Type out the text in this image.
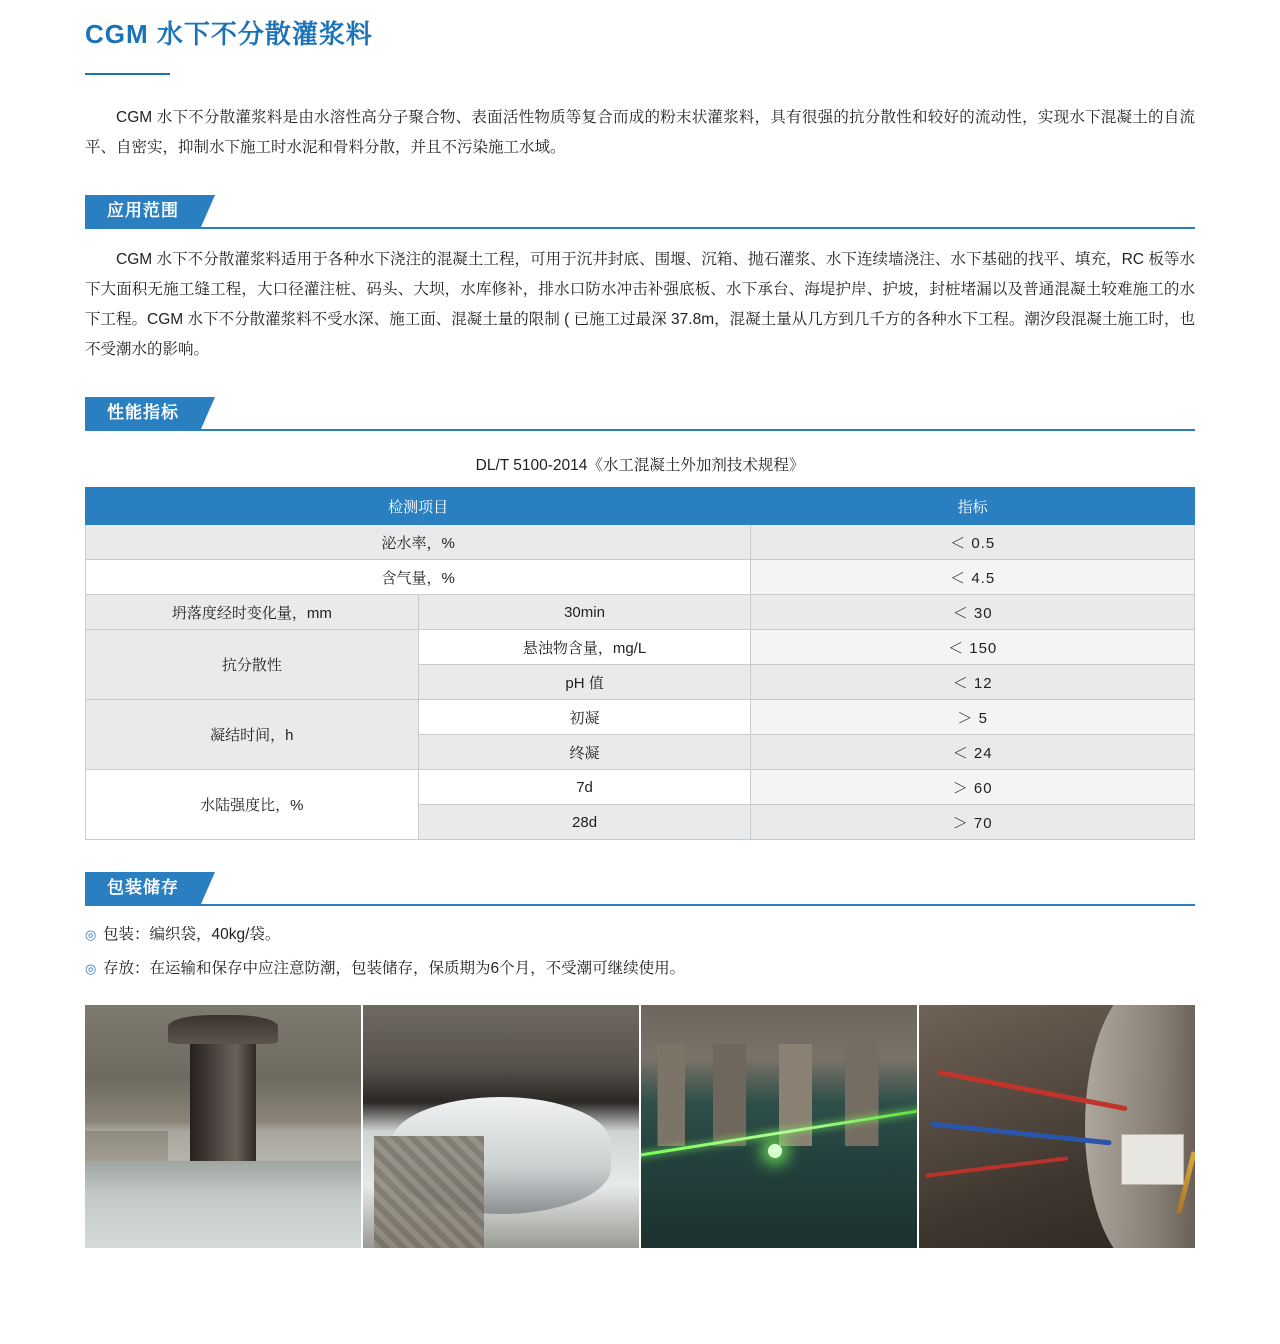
CGM 水下不分散灌浆料

CGM 水下不分散灌浆料是由水溶性高分子聚合物、表面活性物质等复合而成的粉末状灌浆料，具有很强的抗分散性和较好的流动性，实现水下混凝土的自流平、自密实，抑制水下施工时水泥和骨料分散，并且不污染施工水域。

应用范围

CGM 水下不分散灌浆料适用于各种水下浇注的混凝土工程，可用于沉井封底、围堰、沉箱、抛石灌浆、水下连续墙浇注、水下基础的找平、填充，RC 板等水下大面积无施工缝工程，大口径灌注桩、码头、大坝，水库修补，排水口防水冲击补强底板、水下承台、海堤护岸、护坡，封桩堵漏以及普通混凝土较难施工的水下工程。CGM 水下不分散灌浆料不受水深、施工面、混凝土量的限制 ( 已施工过最深 37.8m，混凝土量从几方到几千方的各种水下工程。潮汐段混凝土施工时，也不受潮水的影响。

性能指标
DL/T 5100-2014《水工混凝土外加剂技术规程》
检测项目		指标
泌水率，%		＜ 0.5
含气量，%		＜ 4.5
坍落度经时变化量，mm	30min	＜ 30
抗分散性	悬浊物含量，mg/L	＜ 150
	pH 值	＜ 12
凝结时间，h	初凝	＞ 5
	终凝	＜ 24
水陆强度比，%	7d	＞ 60
	28d	＞ 70
包装储存
◎ 包装：编织袋，40kg/袋。
◎ 存放：在运输和保存中应注意防潮，包装储存，保质期为6个月，不受潮可继续使用。
